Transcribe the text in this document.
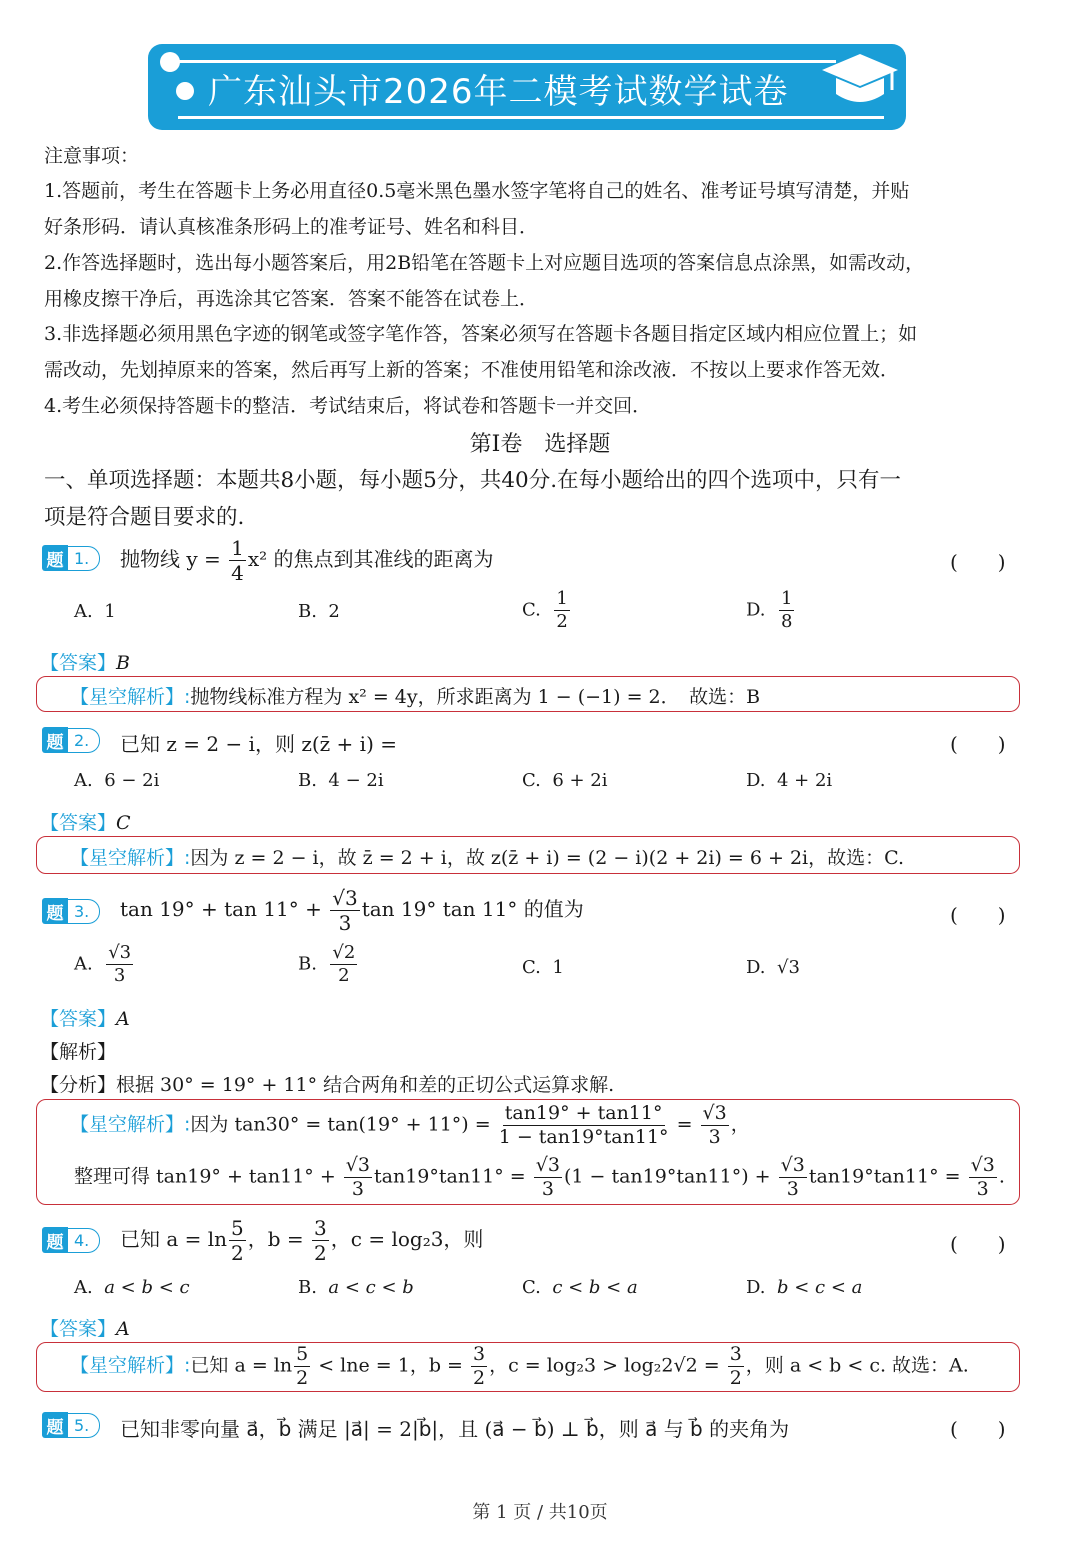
广东汕头市2026年二模考试数学试卷
注意事项：
1.答题前，考生在答题卡上务必用直径0.5毫米黑色墨水签字笔将自己的姓名、准考证号填写清楚，并贴
好条形码．请认真核准条形码上的准考证号、姓名和科目．
2.作答选择题时，选出每小题答案后，用2B铅笔在答题卡上对应题目选项的答案信息点涂黑，如需改动，
用橡皮擦干净后，再选涂其它答案．答案不能答在试卷上．
3.非选择题必须用黑色字迹的钢笔或签字笔作答，答案必须写在答题卡各题目指定区域内相应位置上；如
需改动，先划掉原来的答案，然后再写上新的答案；不准使用铅笔和涂改液．不按以上要求作答无效．
4.考生必须保持答题卡的整洁．考试结束后，将试卷和答题卡一并交回．
第Ⅰ卷　选择题
一、单项选择题：本题共8小题，每小题5分，共40分.在每小题给出的四个选项中，只有一
项是符合题目要求的.
题 1.	抛物线 $y = \frac{1}{4} x^2$ 的焦点到其准线的距离为	(　　)
A. 1	B. 2	C. $\frac{1}{2}$	D. $\frac{1}{8}$
【答案】B
【星空解析】:抛物线标准方程为 x² = 4y，所求距离为 1 − (−1) = 2．　故选：B
题 2.	已知 z = 2 − i，则 z(z̄ + i) =	(　　)
A. 6 − 2i	B. 4 − 2i	C. 6 + 2i	D. 4 + 2i
【答案】C
【星空解析】:因为 z = 2 − i，故 z̄ = 2 + i，故 z(z̄ + i) = (2 − i)(2 + 2i) = 6 + 2i，故选：C.
题 3.	$\tan 19^\circ + \tan 11^\circ + \frac{√3}{3}$ tan 19° tan 11° 的值为	(　　)
A. $\frac{√3}{3}$	B. $\frac{√2}{2}$	C. 1	D. √3
【答案】A
【解析】
【分析】根据 30° = 19° + 11° 结合两角和差的正切公式运算求解.
【星空解析】:因为 $\tan 30^\circ = \tan(19^\circ + 11^\circ) = \frac{\tan 19^\circ + \tan 11^\circ}{1 - \tan 19^\circ\tan 11^\circ} = \frac{√3}{3}$ ，
整理可得 $\tan 19^\circ + \tan 11^\circ + \frac{√3}{3} \tan 19^\circ\tan 11^\circ = \frac{√3}{3} (1 - \tan 19^\circ\tan 11^\circ) + \frac{√3}{3} \tan 19^\circ\tan 11^\circ = \frac{√3}{3}$ .
题 4.	已知 $a = \ln \frac{5}{2}$ ，$b = \frac{3}{2}$ ，c = log₂3，则	(　　)
A. a < b < c	B. a < c < b	C. c < b < a	D. b < c < a
【答案】A
【星空解析】:已知 $a = \ln \frac{5}{2} < \ln e = 1$，$b = \frac{3}{2}$ ，$c = \log_23 > \log_22√2 = \frac{3}{2}$ ，则 a < b < c. 故选：A.
题 5.	已知非零向量 a⃗，b⃗ 满足 |a⃗| = 2|b⃗|，且 (a⃗ − b⃗) ⊥ b⃗，则 a⃗ 与 b⃗ 的夹角为	(　　)
第 1 页 / 共10页
